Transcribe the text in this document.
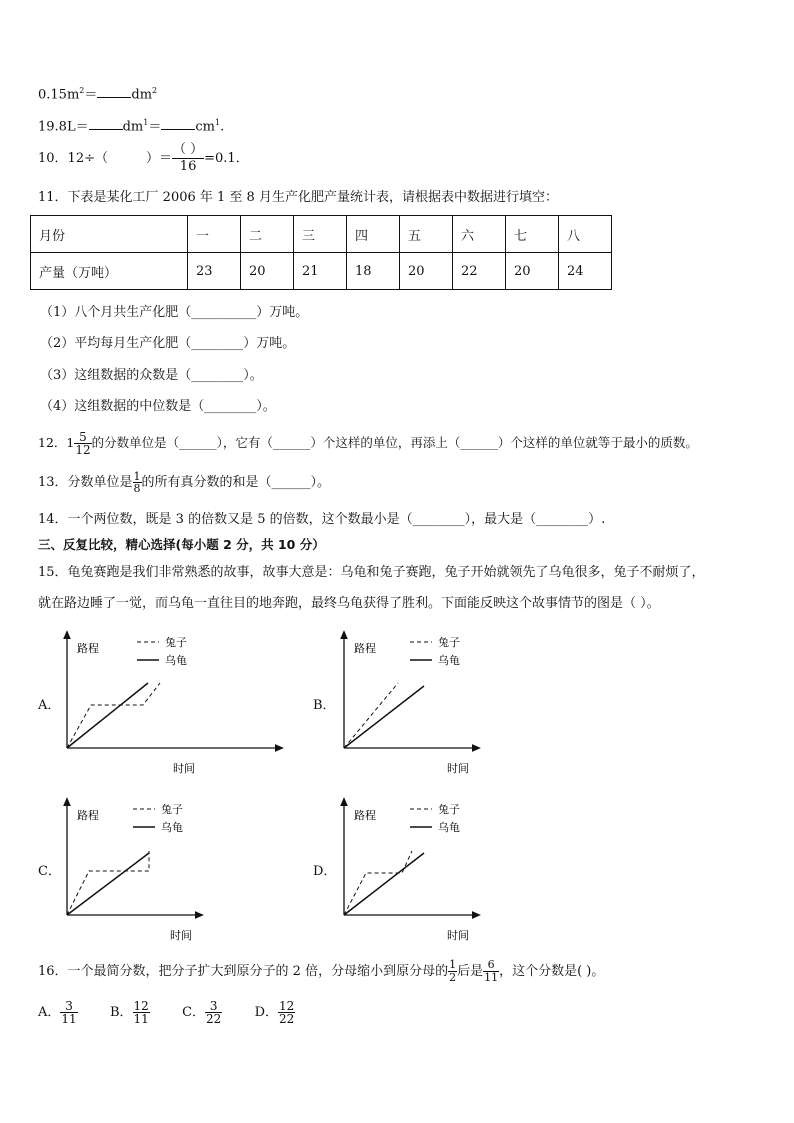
$0.15m^2=$	$dm^2$
19.8L＝	$dm^1=$	$cm^1$.
10．12÷（	）＝ $\frac{( )}{16} =0.1$．
11．下表是某化工厂 2006 年 1 至 8 月生产化肥产量统计表，请根据表中数据进行填空：
月份	一	二	三	四	五	六	七	八
产量（万吨）	23	20	21	18	20	22	20	24
（1）八个月共生产化肥（__________）万吨。
（2）平均每月生产化肥（________）万吨。
（3）这组数据的众数是（________）。
（4）这组数据的中位数是（________）。
12．$1 \frac{5}{12}$ 的分数单位是（______），它有（______）个这样的单位，再添上（______）个这样的单位就等于最小的质数。
13．分数单位是 $\frac{1}{8}$ 的所有真分数的和是（______）。
14．一个两位数，既是 3 的倍数又是 5 的倍数，这个数最小是（________），最大是（________）.
三、反复比较，精心选择(每小题 2 分，共 10 分）
15．龟兔赛跑是我们非常熟悉的故事，故事大意是：乌龟和兔子赛跑，兔子开始就领先了乌龟很多，兔子不耐烦了，
就在路边睡了一觉，而乌龟一直往目的地奔跑，最终乌龟获得了胜利。下面能反映这个故事情节的图是（ ）。
A．
路程	兔子
乌龟
时间
B．
路程	兔子
乌龟
时间
C．
路程	兔子
乌龟
时间
D．
路程	兔子
乌龟
时间
16．一个最简分数，把分子扩大到原分子的 2 倍，分母缩小到原分母的 $\frac{1}{2}$ 后是 $\frac{6}{11}$ ，这个分数是( )。
A． $\frac{3}{11}$ B． $\frac{12}{11}$ C． $\frac{3}{22}$ D． $\frac{12}{22}$
